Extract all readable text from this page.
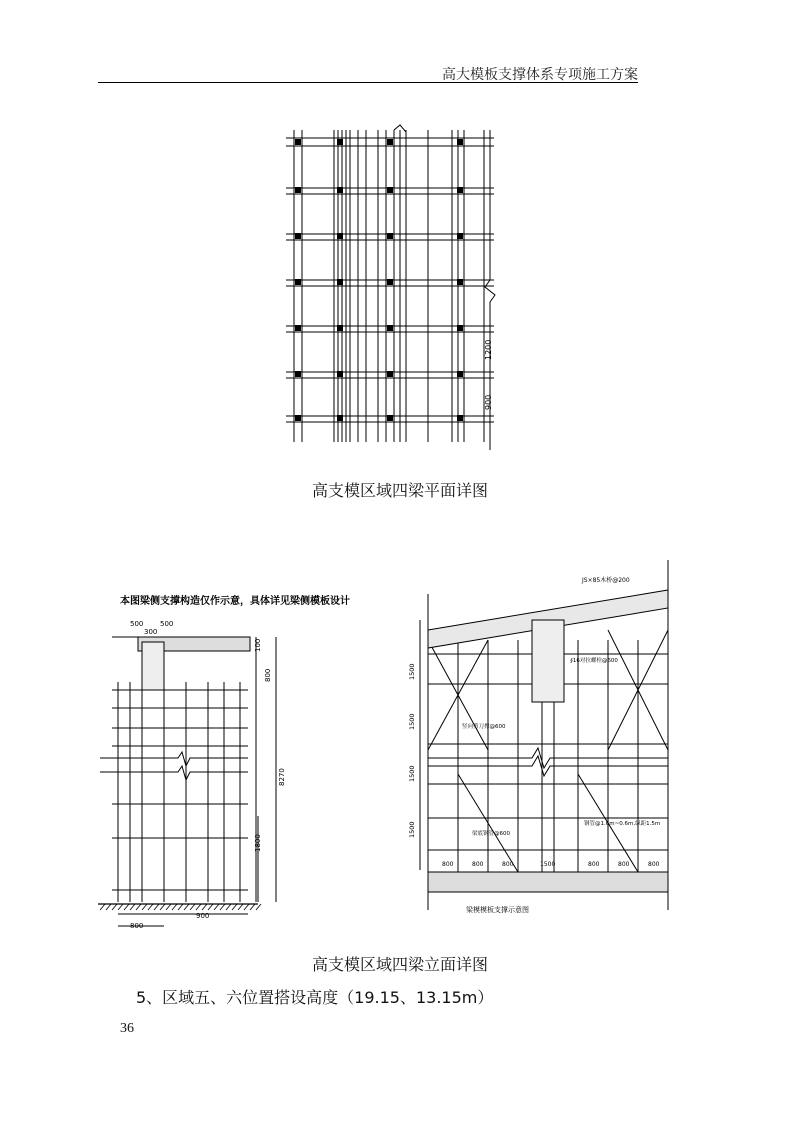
高大模板支撑体系专项施工方案
1200
900
高支模区域四梁平面详图
本图梁侧支撑构造仅作示意，具体详见梁侧模板设计
500 500
300
100
800
8270
1800
900
800
JS×85木桥@200
∮16对拉螺栓@600
竖向剪刀撑@600
梁底钢管@600
钢管@1.6m~0.6m,纵距1.5m
梁模模板支撑示意图
1500
1500
1500
1500
800	800	800	1500	800	800	800
高支模区域四梁立面详图
5、区域五、六位置搭设高度（19.15、13.15m）
36
